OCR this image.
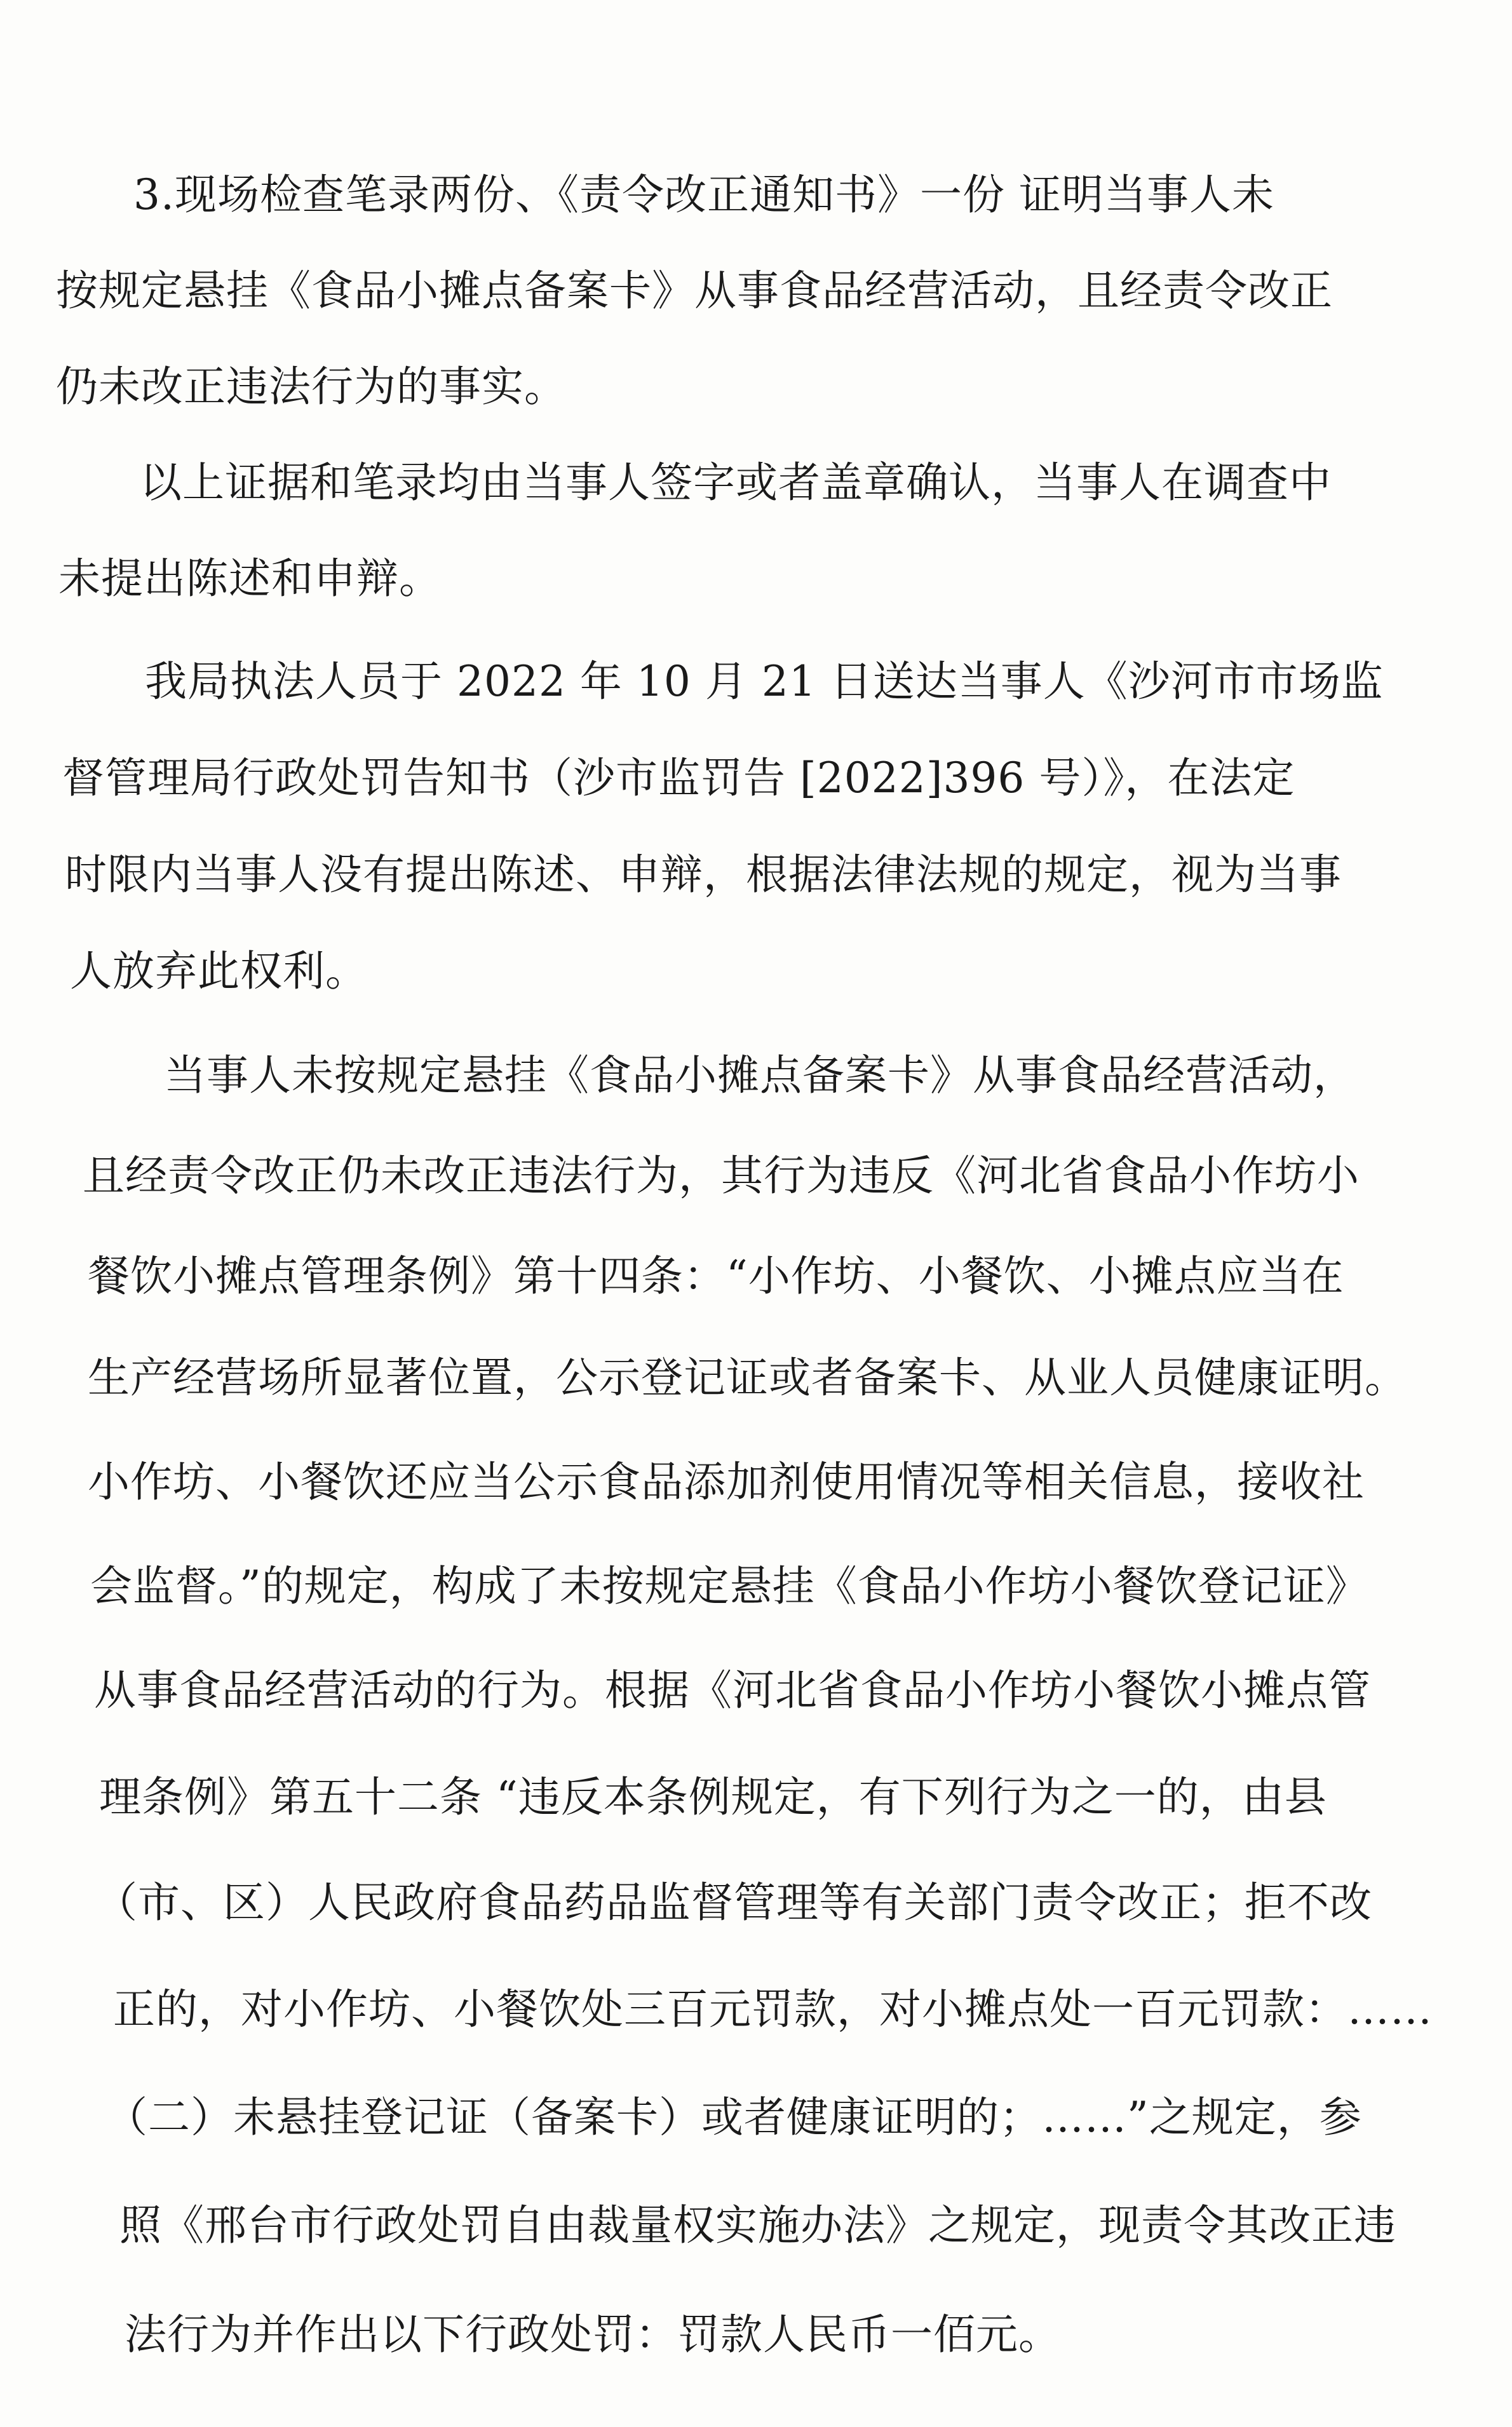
3.现场检查笔录两份、《责令改正通知书》一份 证明当事人未
按规定悬挂《食品小摊点备案卡》从事食品经营活动，且经责令改正
仍未改正违法行为的事实。
以上证据和笔录均由当事人签字或者盖章确认，当事人在调查中
未提出陈述和申辩。
我局执法人员于 2022 年 10 月 21 日送达当事人《沙河市市场监
督管理局行政处罚告知书（沙市监罚告 [2022]396 号）》，在法定
时限内当事人没有提出陈述、申辩，根据法律法规的规定，视为当事
人放弃此权利。
当事人未按规定悬挂《食品小摊点备案卡》从事食品经营活动，
且经责令改正仍未改正违法行为，其行为违反《河北省食品小作坊小
餐饮小摊点管理条例》第十四条：“小作坊、小餐饮、小摊点应当在
生产经营场所显著位置，公示登记证或者备案卡、从业人员健康证明。
小作坊、小餐饮还应当公示食品添加剂使用情况等相关信息，接收社
会监督。”的规定，构成了未按规定悬挂《食品小作坊小餐饮登记证》
从事食品经营活动的行为。根据《河北省食品小作坊小餐饮小摊点管
理条例》第五十二条 “违反本条例规定，有下列行为之一的，由县
（市、区）人民政府食品药品监督管理等有关部门责令改正；拒不改
正的，对小作坊、小餐饮处三百元罚款，对小摊点处一百元罚款：……
（二）未悬挂登记证（备案卡）或者健康证明的；……”之规定，参
照《邢台市行政处罚自由裁量权实施办法》之规定，现责令其改正违
法行为并作出以下行政处罚：罚款人民币一佰元。
